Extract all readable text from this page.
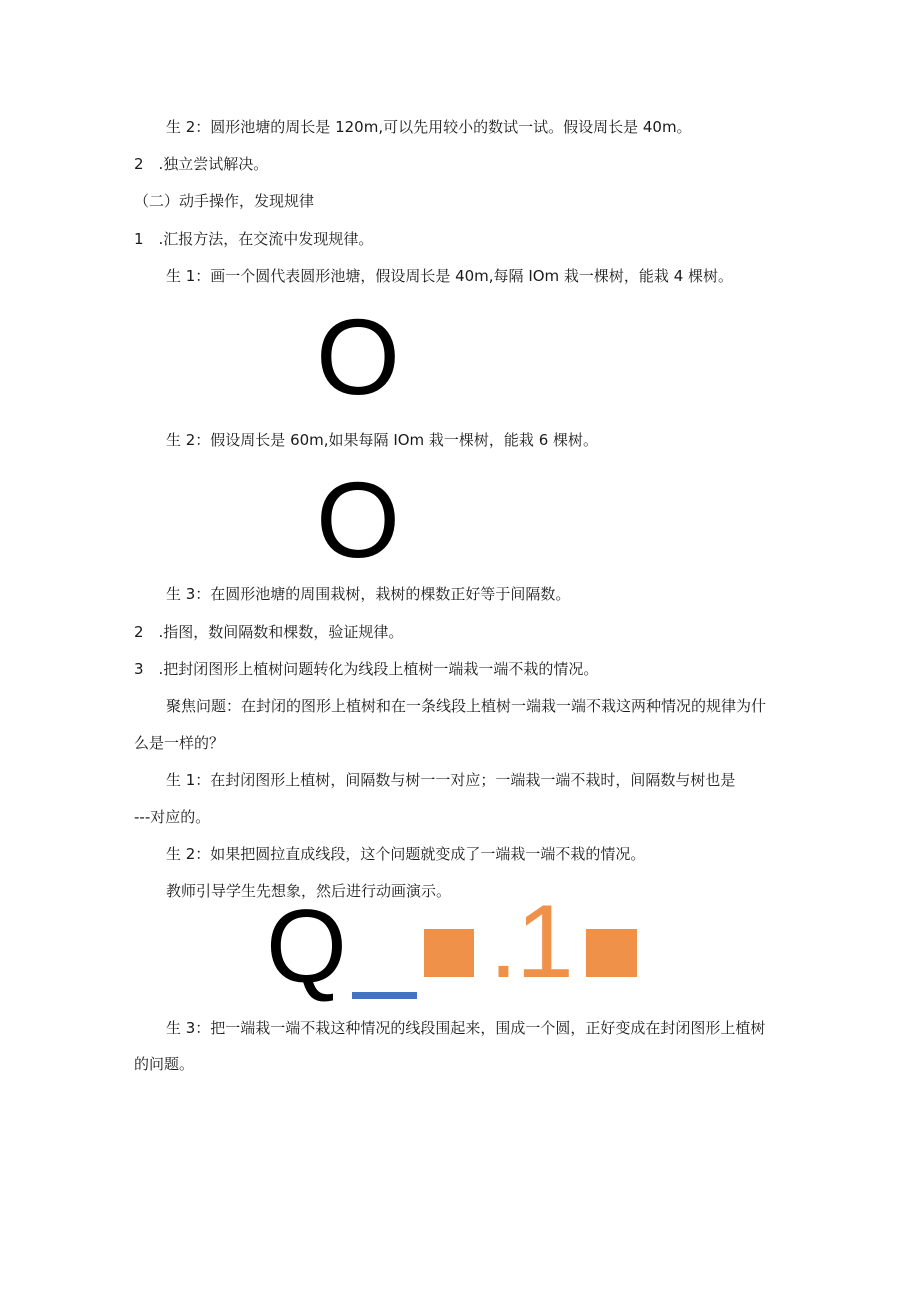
生 2：圆形池塘的周长是 120m,可以先用较小的数试一试。假设周长是 40m。
2　.独立尝试解决。
（二）动手操作，发现规律
1　.汇报方法，在交流中发现规律。
生 1：画一个圆代表圆形池塘，假设周长是 40m,每隔 IOm 栽一棵树，能栽 4 棵树。
O
生 2：假设周长是 60m,如果每隔 IOm 栽一棵树，能栽 6 棵树。
O
生 3：在圆形池塘的周围栽树，栽树的棵数正好等于间隔数。
2　.指图，数间隔数和棵数，验证规律。
3　.把封闭图形上植树问题转化为线段上植树一端栽一端不栽的情况。
聚焦问题：在封闭的图形上植树和在一条线段上植树一端栽一端不栽这两种情况的规律为什
么是一样的？
生 1：在封闭图形上植树，间隔数与树一一对应；一端栽一端不栽时，间隔数与树也是
---对应的。
生 2：如果把圆拉直成线段，这个问题就变成了一端栽一端不栽的情况。
教师引导学生先想象，然后进行动画演示。
Q .
1
生 3：把一端栽一端不栽这种情况的线段围起来，围成一个圆，正好变成在封闭图形上植树
的问题。
